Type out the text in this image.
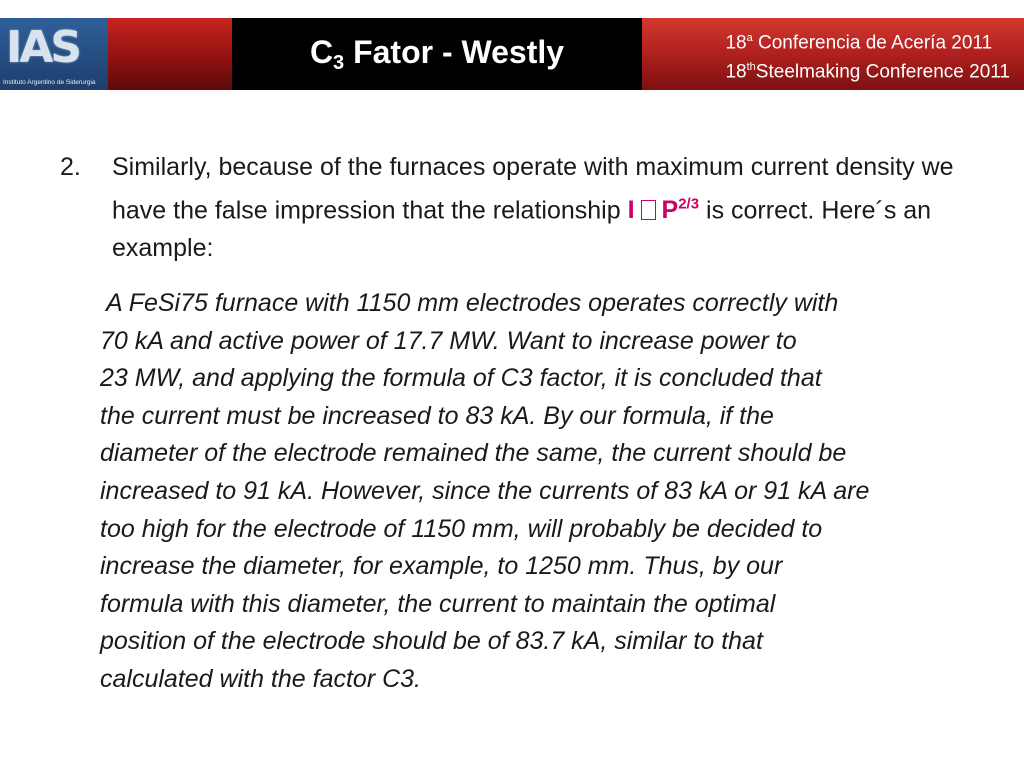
IAS
Instituto Argentino de Siderurgia
$C_3$ Fator - Westly	18$^a$ Conferencia de Acería 2011
18thSteelmaking Conference 2011
2. Similarly, because of the furnaces operate with maximum current density we have the false impression that the relationship I $P^{2/3}$ is correct. Here´s an example:
A FeSi75 furnace with 1150 mm electrodes operates correctly with
70 kA and active power of 17.7 MW. Want to increase power to
23 MW, and applying the formula of C3 factor, it is concluded that
the current must be increased to 83 kA. By our formula, if the
diameter of the electrode remained the same, the current should be
increased to 91 kA. However, since the currents of 83 kA or 91 kA are
too high for the electrode of 1150 mm, will probably be decided to
increase the diameter, for example, to 1250 mm. Thus, by our
formula with this diameter, the current to maintain the optimal
position of the electrode should be of 83.7 kA, similar to that
calculated with the factor C3.
